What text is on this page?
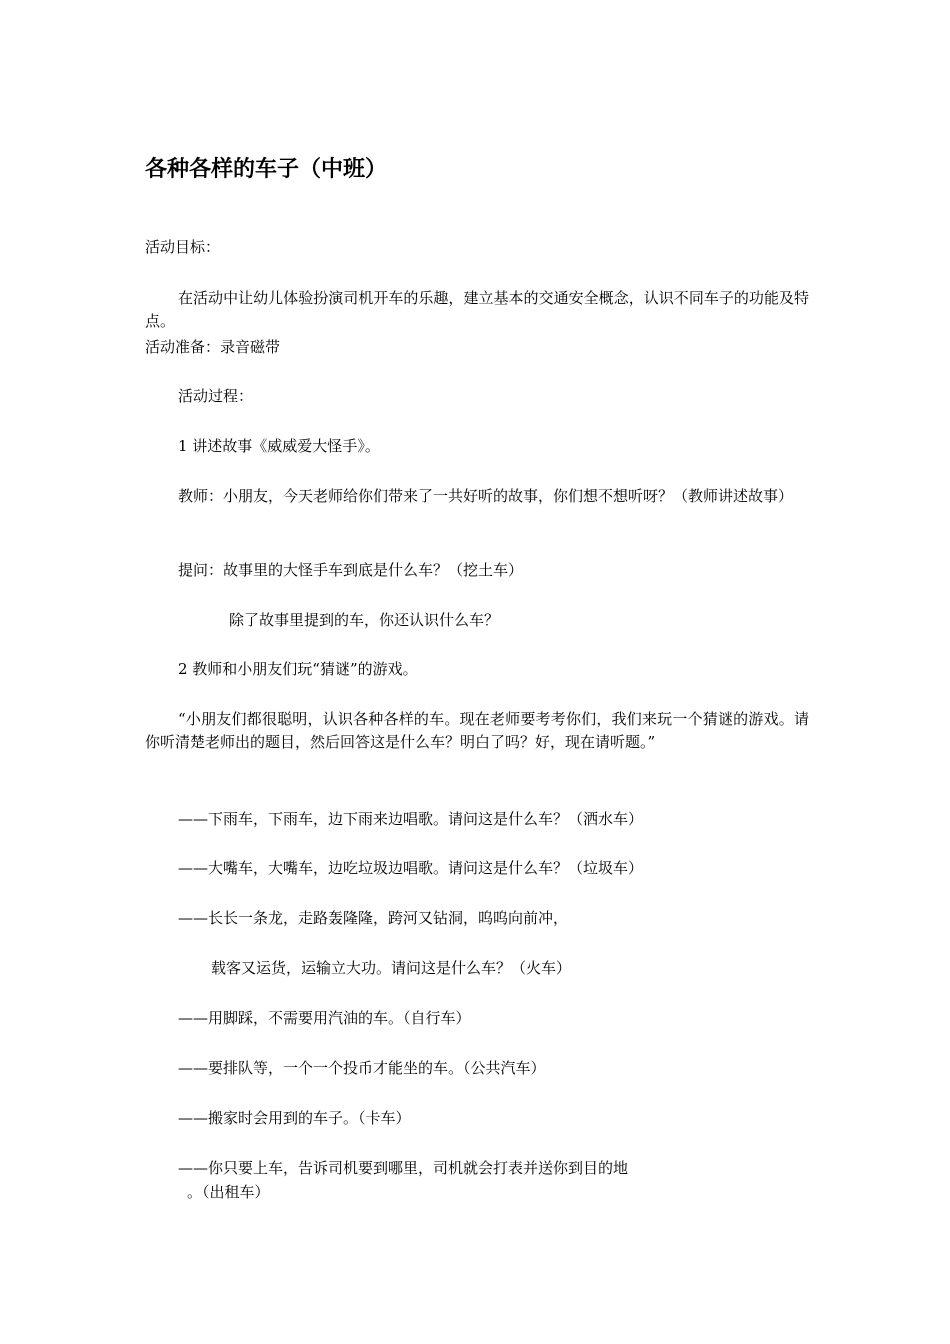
各种各样的车子（中班）

活动目标：

在活动中让幼儿体验扮演司机开车的乐趣，建立基本的交通安全概念，认识不同车子的功能及特点。

活动准备：录音磁带

活动过程：

1 讲述故事《威威爱大怪手》。

教师：小朋友，今天老师给你们带来了一共好听的故事，你们想不想听呀？（教师讲述故事）

提问：故事里的大怪手车到底是什么车？（挖土车）

除了故事里提到的车，你还认识什么车？

2 教师和小朋友们玩“猜谜”的游戏。

“小朋友们都很聪明，认识各种各样的车。现在老师要考考你们，我们来玩一个猜谜的游戏。请你听清楚老师出的题目，然后回答这是什么车？明白了吗？好，现在请听题。”

——下雨车，下雨车，边下雨来边唱歌。请问这是什么车？（洒水车）

——大嘴车，大嘴车，边吃垃圾边唱歌。请问这是什么车？（垃圾车）

——长长一条龙，走路轰隆隆，跨河又钻洞，呜呜向前冲，

载客又运货，运输立大功。请问这是什么车？（火车）

——用脚踩，不需要用汽油的车。（自行车）

——要排队等，一个一个投币才能坐的车。（公共汽车）

——搬家时会用到的车子。（卡车）

——你只要上车，告诉司机要到哪里，司机就会打表并送你到目的地

。（出租车）
